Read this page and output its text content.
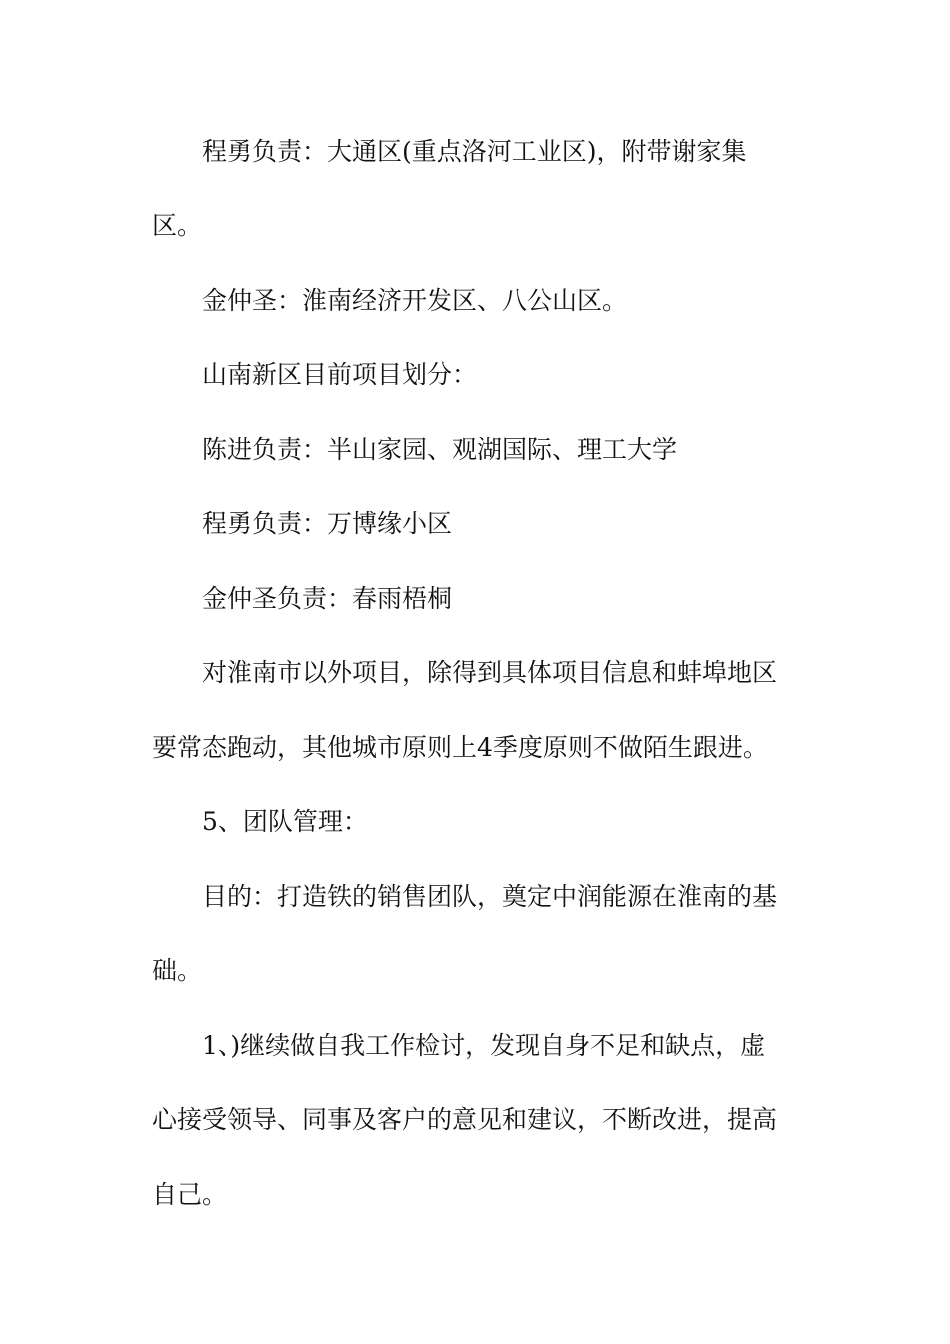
程勇负责：大通区(重点洛河工业区)，附带谢家集

区。

金仲圣：淮南经济开发区、八公山区。

山南新区目前项目划分：

陈进负责：半山家园、观湖国际、理工大学

程勇负责：万博缘小区

金仲圣负责：春雨梧桐

对淮南市以外项目，除得到具体项目信息和蚌埠地区

要常态跑动，其他城市原则上4季度原则不做陌生跟进。

5、团队管理：

目的：打造铁的销售团队，奠定中润能源在淮南的基

础。

1、)继续做自我工作检讨，发现自身不足和缺点，虚

心接受领导、同事及客户的意见和建议，不断改进，提高

自己。
